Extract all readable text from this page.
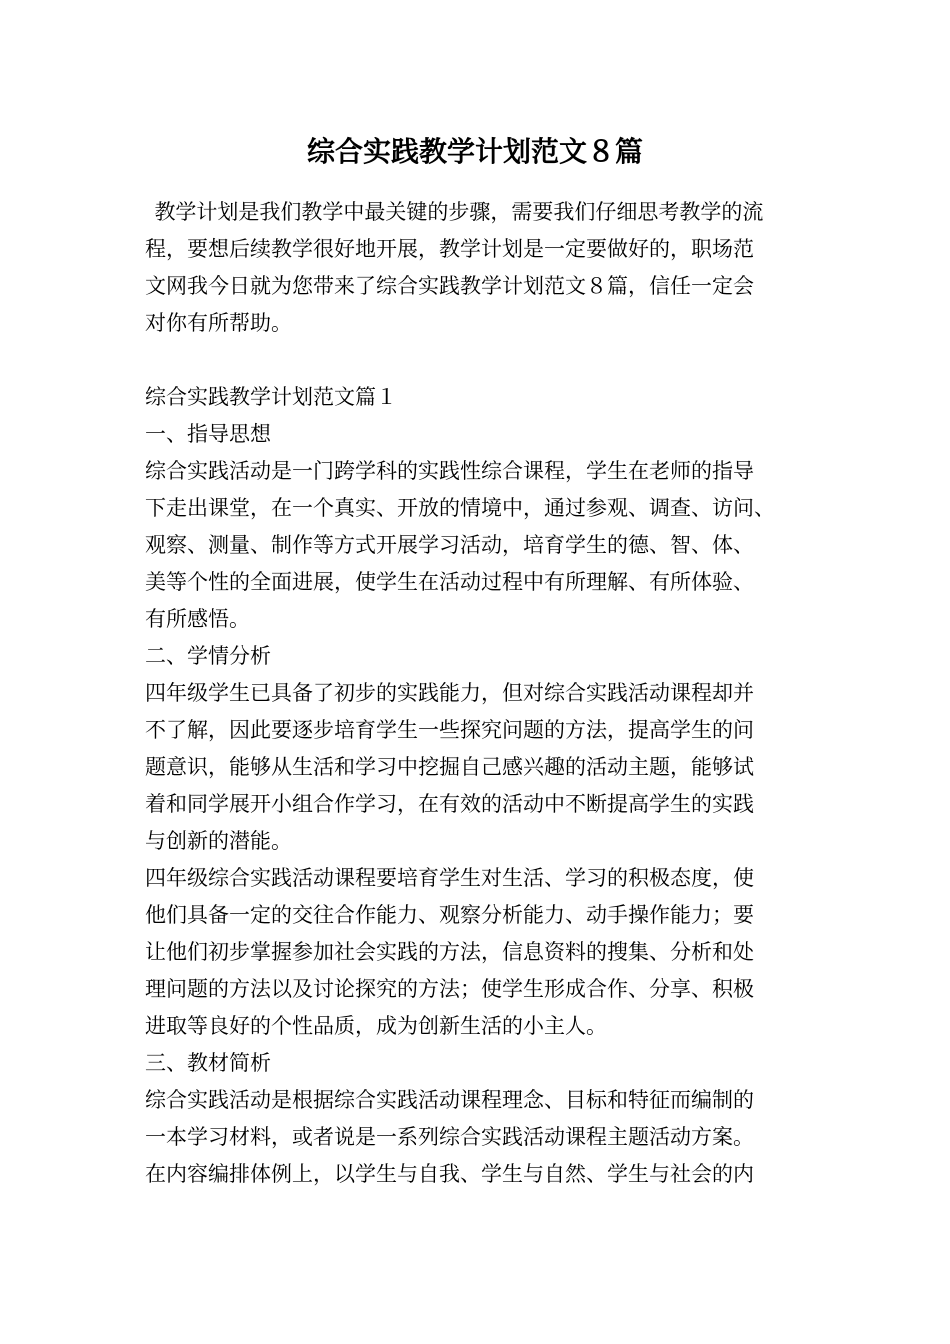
综合实践教学计划范文８篇

教学计划是我们教学中最关键的步骤，需要我们仔细思考教学的流

程，要想后续教学很好地开展，教学计划是一定要做好的，职场范

文网我今日就为您带来了综合实践教学计划范文８篇，信任一定会

对你有所帮助。

综合实践教学计划范文篇１

一、指导思想

综合实践活动是一门跨学科的实践性综合课程，学生在老师的指导

下走出课堂，在一个真实、开放的情境中，通过参观、调查、访问、

观察、测量、制作等方式开展学习活动，培育学生的德、智、体、

美等个性的全面进展，使学生在活动过程中有所理解、有所体验、

有所感悟。

二、学情分析

四年级学生已具备了初步的实践能力，但对综合实践活动课程却并

不了解，因此要逐步培育学生一些探究问题的方法，提高学生的问

题意识，能够从生活和学习中挖掘自己感兴趣的活动主题，能够试

着和同学展开小组合作学习，在有效的活动中不断提高学生的实践

与创新的潜能。

四年级综合实践活动课程要培育学生对生活、学习的积极态度，使

他们具备一定的交往合作能力、观察分析能力、动手操作能力；要

让他们初步掌握参加社会实践的方法，信息资料的搜集、分析和处

理问题的方法以及讨论探究的方法；使学生形成合作、分享、积极

进取等良好的个性品质，成为创新生活的小主人。

三、教材简析

综合实践活动是根据综合实践活动课程理念、目标和特征而编制的

一本学习材料，或者说是一系列综合实践活动课程主题活动方案。

在内容编排体例上，以学生与自我、学生与自然、学生与社会的内
